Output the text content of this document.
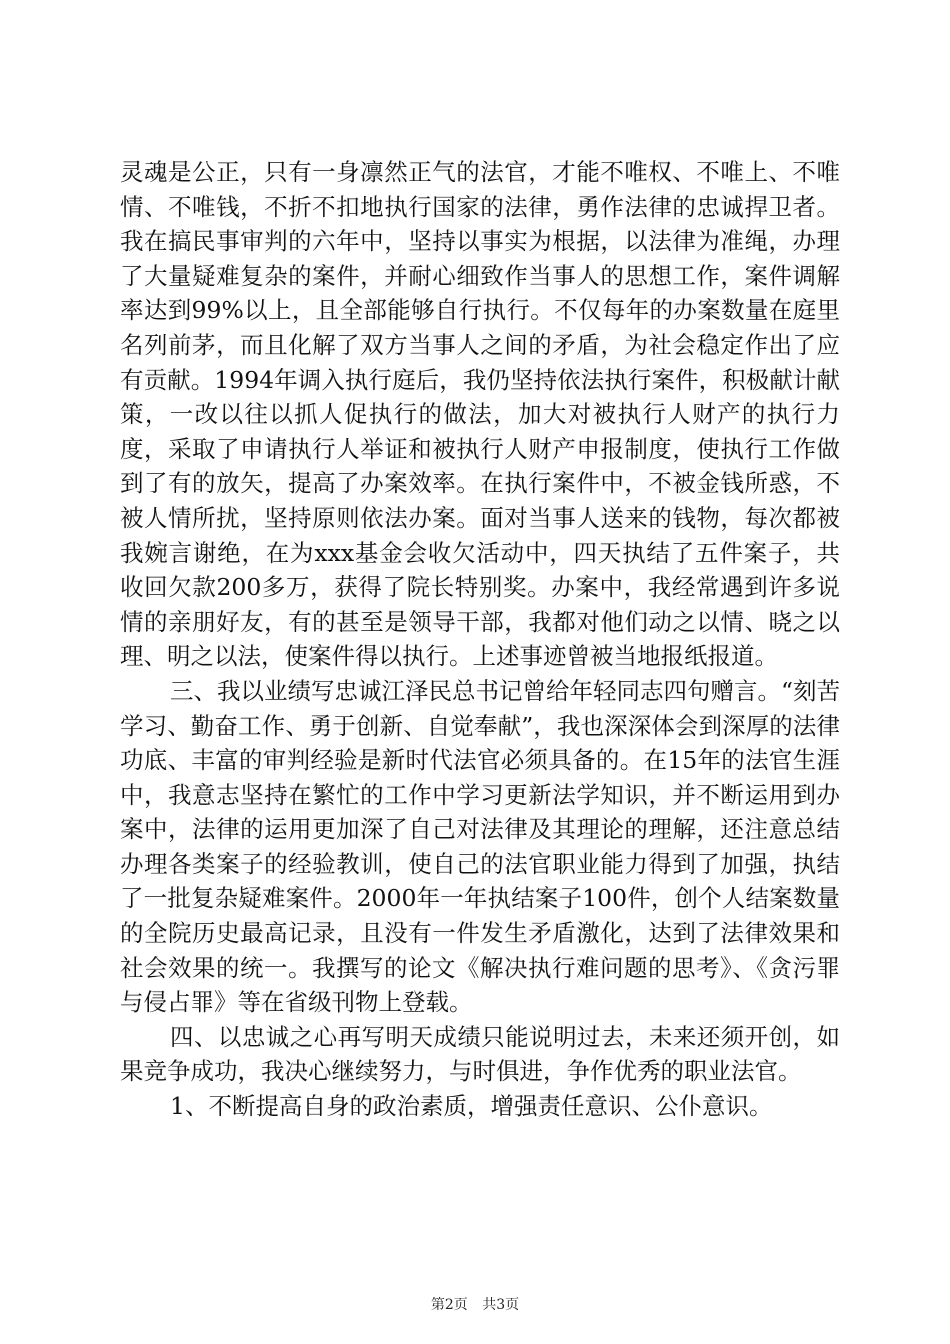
灵魂是公正，只有一身凛然正气的法官，才能不唯权、不唯上、不唯情、不唯钱，不折不扣地执行国家的法律，勇作法律的忠诚捍卫者。我在搞民事审判的六年中，坚持以事实为根据，以法律为准绳，办理了大量疑难复杂的案件，并耐心细致作当事人的思想工作，案件调解率达到99%以上，且全部能够自行执行。不仅每年的办案数量在庭里名列前茅，而且化解了双方当事人之间的矛盾，为社会稳定作出了应有贡献。1994年调入执行庭后，我仍坚持依法执行案件，积极献计献策，一改以往以抓人促执行的做法，加大对被执行人财产的执行力度，采取了申请执行人举证和被执行人财产申报制度，使执行工作做到了有的放矢，提高了办案效率。在执行案件中，不被金钱所惑，不被人情所扰，坚持原则依法办案。面对当事人送来的钱物，每次都被我婉言谢绝，在为xxx基金会收欠活动中，四天执结了五件案子，共收回欠款200多万，获得了院长特别奖。办案中，我经常遇到许多说情的亲朋好友，有的甚至是领导干部，我都对他们动之以情、晓之以理、明之以法，使案件得以执行。上述事迹曾被当地报纸报道。

三、我以业绩写忠诚江泽民总书记曾给年轻同志四句赠言。“刻苦学习、勤奋工作、勇于创新、自觉奉献”，我也深深体会到深厚的法律功底、丰富的审判经验是新时代法官必须具备的。在15年的法官生涯中，我意志坚持在繁忙的工作中学习更新法学知识，并不断运用到办案中，法律的运用更加深了自己对法律及其理论的理解，还注意总结办理各类案子的经验教训，使自己的法官职业能力得到了加强，执结了一批复杂疑难案件。2000年一年执结案子100件，创个人结案数量的全院历史最高记录，且没有一件发生矛盾激化，达到了法律效果和社会效果的统一。我撰写的论文《解决执行难问题的思考》、《贪污罪与侵占罪》等在省级刊物上登载。

四、以忠诚之心再写明天成绩只能说明过去，未来还须开创，如果竞争成功，我决心继续努力，与时俱进，争作优秀的职业法官。

1、不断提高自身的政治素质，增强责任意识、公仆意识。

第2页 共3页
